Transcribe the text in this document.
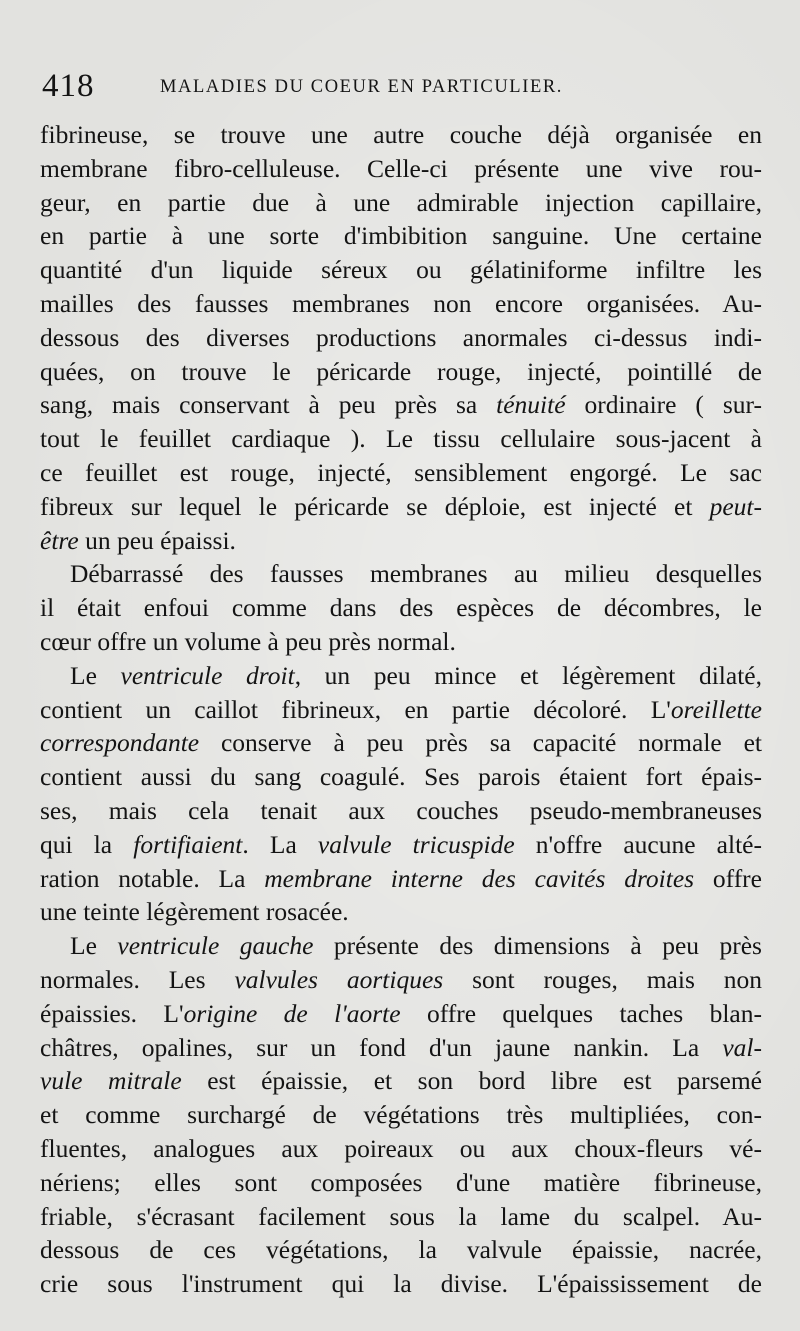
418	MALADIES DU COEUR EN PARTICULIER.
fibrineuse, se trouve une autre couche déjà organisée en
membrane fibro-celluleuse. Celle-ci présente une vive rou-
geur, en partie due à une admirable injection capillaire,
en partie à une sorte d'imbibition sanguine. Une certaine
quantité d'un liquide séreux ou gélatiniforme infiltre les
mailles des fausses membranes non encore organisées. Au-
dessous des diverses productions anormales ci-dessus indi-
quées, on trouve le péricarde rouge, injecté, pointillé de
sang, mais conservant à peu près sa ténuité ordinaire ( sur-
tout le feuillet cardiaque ). Le tissu cellulaire sous-jacent à
ce feuillet est rouge, injecté, sensiblement engorgé. Le sac
fibreux sur lequel le péricarde se déploie, est injecté et peut-
être un peu épaissi.
Débarrassé des fausses membranes au milieu desquelles
il était enfoui comme dans des espèces de décombres, le
cœur offre un volume à peu près normal.
Le ventricule droit, un peu mince et légèrement dilaté,
contient un caillot fibrineux, en partie décoloré. L'oreillette
correspondante conserve à peu près sa capacité normale et
contient aussi du sang coagulé. Ses parois étaient fort épais-
ses, mais cela tenait aux couches pseudo-membraneuses
qui la fortifiaient. La valvule tricuspide n'offre aucune alté-
ration notable. La membrane interne des cavités droites offre
une teinte légèrement rosacée.
Le ventricule gauche présente des dimensions à peu près
normales. Les valvules aortiques sont rouges, mais non
épaissies. L'origine de l'aorte offre quelques taches blan-
châtres, opalines, sur un fond d'un jaune nankin. La val-
vule mitrale est épaissie, et son bord libre est parsemé
et comme surchargé de végétations très multipliées, con-
fluentes, analogues aux poireaux ou aux choux-fleurs vé-
nériens; elles sont composées d'une matière fibrineuse,
friable, s'écrasant facilement sous la lame du scalpel. Au-
dessous de ces végétations, la valvule épaissie, nacrée,
crie sous l'instrument qui la divise. L'épaississement de
